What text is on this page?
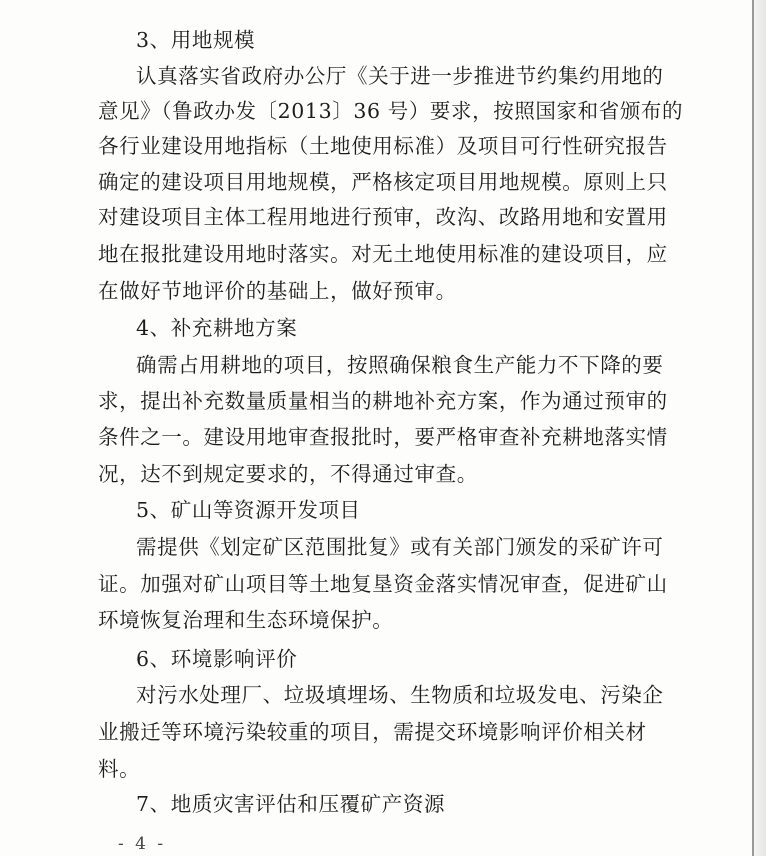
3、用地规模
认真落实省政府办公厅《关于进一步推进节约集约用地的
意见》（鲁政办发〔2013〕36 号）要求，按照国家和省颁布的
各行业建设用地指标（土地使用标准）及项目可行性研究报告
确定的建设项目用地规模，严格核定项目用地规模。原则上只
对建设项目主体工程用地进行预审，改沟、改路用地和安置用
地在报批建设用地时落实。对无土地使用标准的建设项目，应
在做好节地评价的基础上，做好预审。
4、补充耕地方案
确需占用耕地的项目，按照确保粮食生产能力不下降的要
求，提出补充数量质量相当的耕地补充方案，作为通过预审的
条件之一。建设用地审查报批时，要严格审查补充耕地落实情
况，达不到规定要求的，不得通过审查。
5、矿山等资源开发项目
需提供《划定矿区范围批复》或有关部门颁发的采矿许可
证。加强对矿山项目等土地复垦资金落实情况审查，促进矿山
环境恢复治理和生态环境保护。
6、环境影响评价
对污水处理厂、垃圾填埋场、生物质和垃圾发电、污染企
业搬迁等环境污染较重的项目，需提交环境影响评价相关材
料。
7、地质灾害评估和压覆矿产资源
- 4 -
